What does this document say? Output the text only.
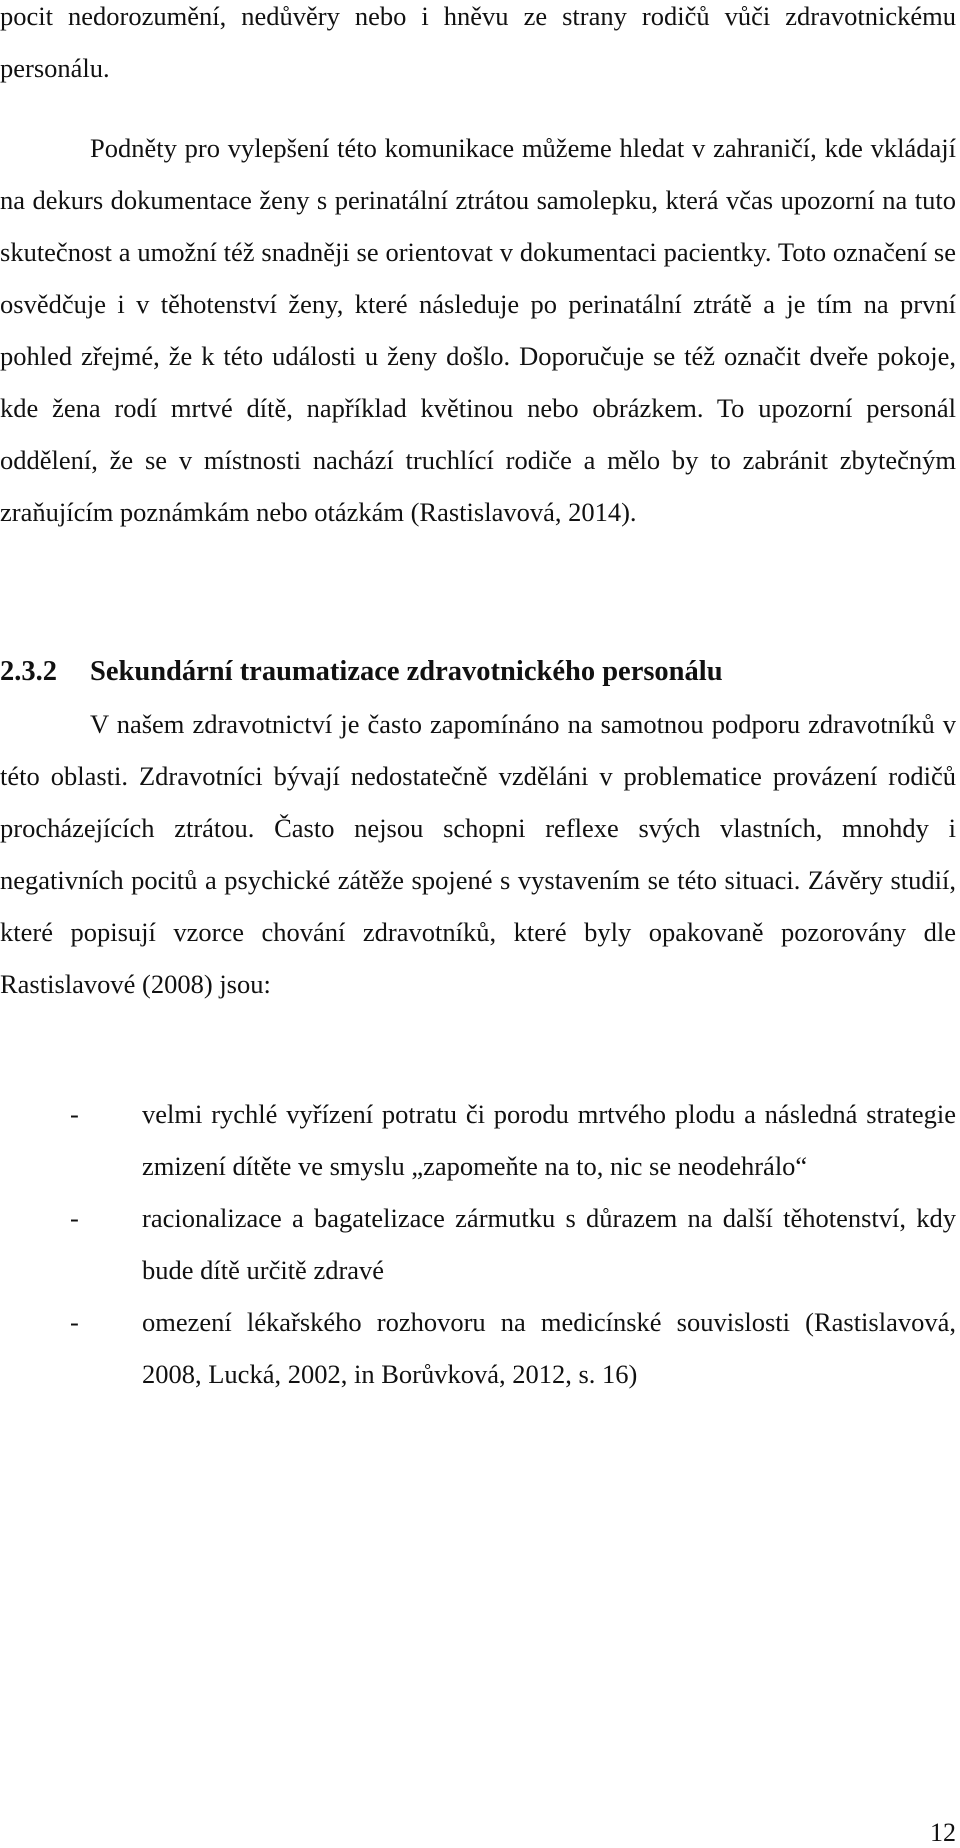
pocit nedorozumění, nedůvěry nebo i hněvu ze strany rodičů vůči zdravotnickému personálu.

Podněty pro vylepšení této komunikace můžeme hledat v zahraničí, kde vkládají na dekurs dokumentace ženy s perinatální ztrátou samolepku, která včas upozorní na tuto skutečnost a umožní též snadněji se orientovat v dokumentaci pacientky. Toto označení se osvědčuje i v těhotenství ženy, které následuje po perinatální ztrátě a je tím na první pohled zřejmé, že k této události u ženy došlo. Doporučuje se též označit dveře pokoje, kde žena rodí mrtvé dítě, například květinou nebo obrázkem. To upozorní personál oddělení, že se v místnosti nachází truchlící rodiče a mělo by to zabránit zbytečným zraňujícím poznámkám nebo otázkám (Rastislavová, 2014).

2.3.2 Sekundární traumatizace zdravotnického personálu

V našem zdravotnictví je často zapomínáno na samotnou podporu zdravotníků v této oblasti. Zdravotníci bývají nedostatečně vzděláni v problematice provázení rodičů procházejících ztrátou. Často nejsou schopni reflexe svých vlastních, mnohdy i negativních pocitů a psychické zátěže spojené s vystavením se této situaci. Závěry studií, které popisují vzorce chování zdravotníků, které byly opakovaně pozorovány dle Rastislavové (2008) jsou:

- velmi rychlé vyřízení potratu či porodu mrtvého plodu a následná strategie zmizení dítěte ve smyslu „zapomeňte na to, nic se neodehrálo“
- racionalizace a bagatelizace zármutku s důrazem na další těhotenství, kdy bude dítě určitě zdravé
- omezení lékařského rozhovoru na medicínské souvislosti (Rastislavová, 2008, Lucká, 2002, in Borůvková, 2012, s. 16)
12
